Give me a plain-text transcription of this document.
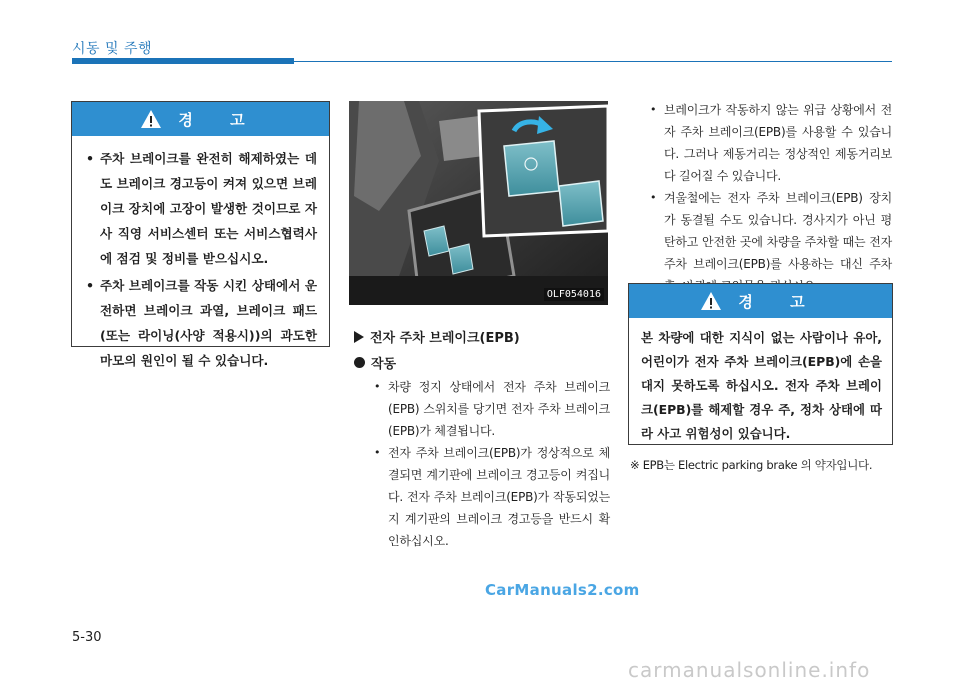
시동 및 주행
경 고
• 주차 브레이크를 완전히 해제하였는 데도 브레이크 경고등이 켜져 있으면 브레이크 장치에 고장이 발생한 것이므로 자사 직영 서비스센터 또는 서비스협력사에 점검 및 정비를 받으십시오.
• 주차 브레이크를 작동 시킨 상태에서 운전하면 브레이크 과열, 브레이크 패드(또는 라이닝(사양 적용시))의 과도한 마모의 원인이 될 수 있습니다.
OLF054016
전자 주차 브레이크(EPB)
작동
• 차량 정지 상태에서 전자 주차 브레이크(EPB) 스위치를 당기면 전자 주차 브레이크(EPB)가 체결됩니다.
• 전자 주차 브레이크(EPB)가 정상적으로 체결되면 계기판에 브레이크 경고등이 켜집니다. 전자 주차 브레이크(EPB)가 작동되었는지 계기판의 브레이크 경고등을 반드시 확인하십시오.
• 브레이크가 작동하지 않는 위급 상황에서 전자 주차 브레이크(EPB)를 사용할 수 있습니다. 그러나 제동거리는 정상적인 제동거리보다 길어질 수 있습니다.
• 겨울철에는 전자 주차 브레이크(EPB) 장치가 동결될 수도 있습니다. 경사지가 아닌 평탄하고 안전한 곳에 차량을 주차할 때는 전자 주차 브레이크(EPB)를 사용하는 대신 주차
경 고
본 차량에 대한 지식이 없는 사람이나 유아, 어린이가 전자 주차 브레이크(EPB)에 손을 대지 못하도록 하십시오. 전자 주차 브레이크(EPB)를 해제할 경우 주, 정차 상태에 따라 사고 위험성이 있습니다.
※ EPB는 Electric parking brake 의 약자입니다.
CarManuals2.com
5-30
carmanualsonline.info
